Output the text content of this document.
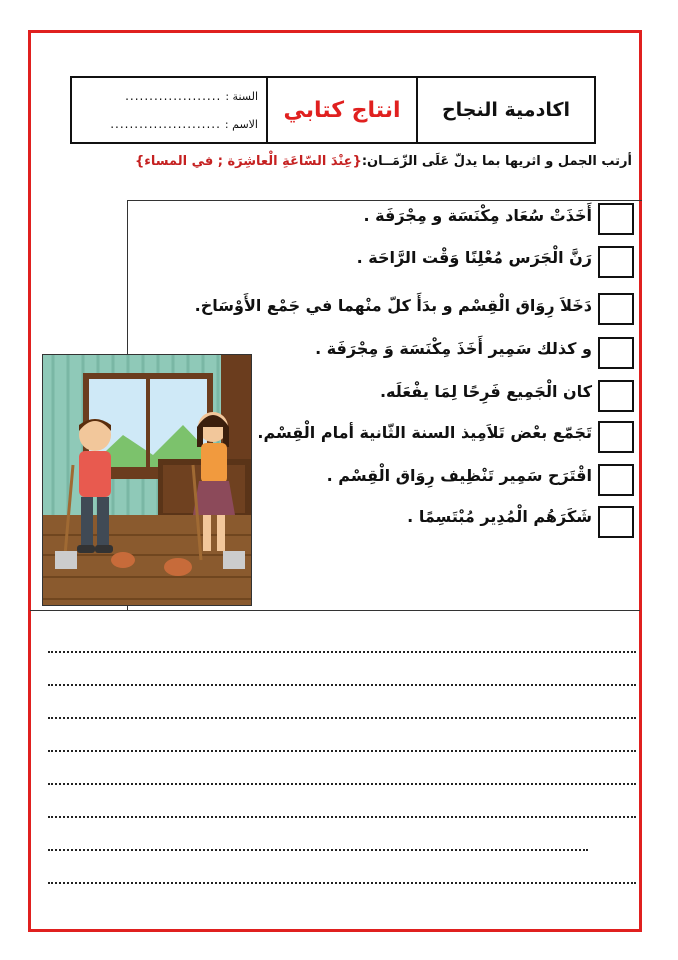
اكادمية النجاح
انتاج كتابي
السنة :
....................
الاسم :
.......................
أرتب الجمل و اثريها بما يدلّ عَلَى الزّمَــان:{عِنْدَ السّاعَةِ الْعاشِرَة ; في المساء}
أَخَذَتْ سُعَاد مِكْنَسَة و مِجْرَفَة .
رَنَّ الْجَرَس مُعْلِنًا وَقْت الرَّاحَة .
دَخَلاَ رِوَاق الْقِسْم و بدَأَ كلّ منْهما في جَمْع الأَوْسَاخ.
و كذلك سَمِير أَخَذَ مِكْنَسَة وَ مِجْرَفَة .
كان الْجَمِيع فَرِحًا لِمَا يفْعَلَه.
تَجَمّع بعْض تَلاَمِيذ السنة الثّانية أمام الْقِسْم.
اقْتَرَح سَمِير تَنْظِيف رِوَاق الْقِسْم .
شَكَرَهُم الْمُدِير مُبْتَسِمًا .
